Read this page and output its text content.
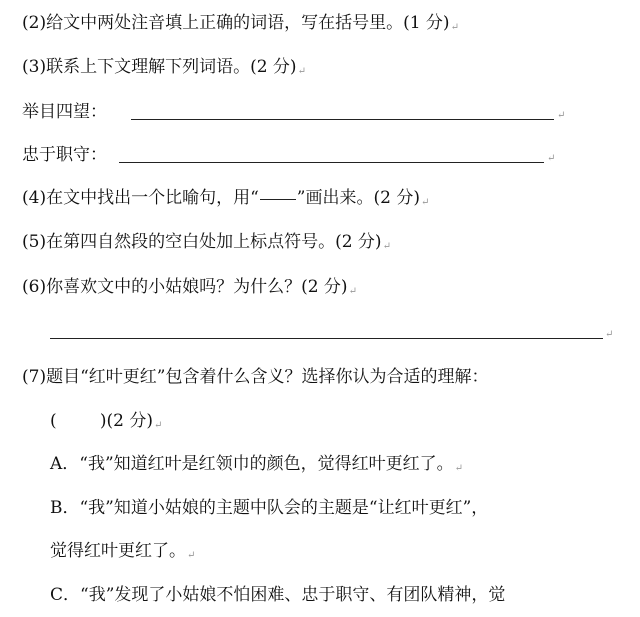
(2)给文中两处注音填上正确的词语，写在括号里。(1 分)↵
(3)联系上下文理解下列词语。(2 分)↵
举目四望：	↵
忠于职守：	↵
(4)在文中找出一个比喻句，用“ ”画出来。(2 分)↵
(5)在第四自然段的空白处加上标点符号。(2 分)↵
(6)你喜欢文中的小姑娘吗？为什么？(2 分)↵
↵
(7)题目“红叶更红”包含着什么含义？选择你认为合适的理解：
(        )(2 分)↵
A．“我”知道红叶是红领巾的颜色，觉得红叶更红了。↵
B．“我”知道小姑娘的主题中队会的主题是“让红叶更红”，
觉得红叶更红了。↵
C．“我”发现了小姑娘不怕困难、忠于职守、有团队精神，觉
